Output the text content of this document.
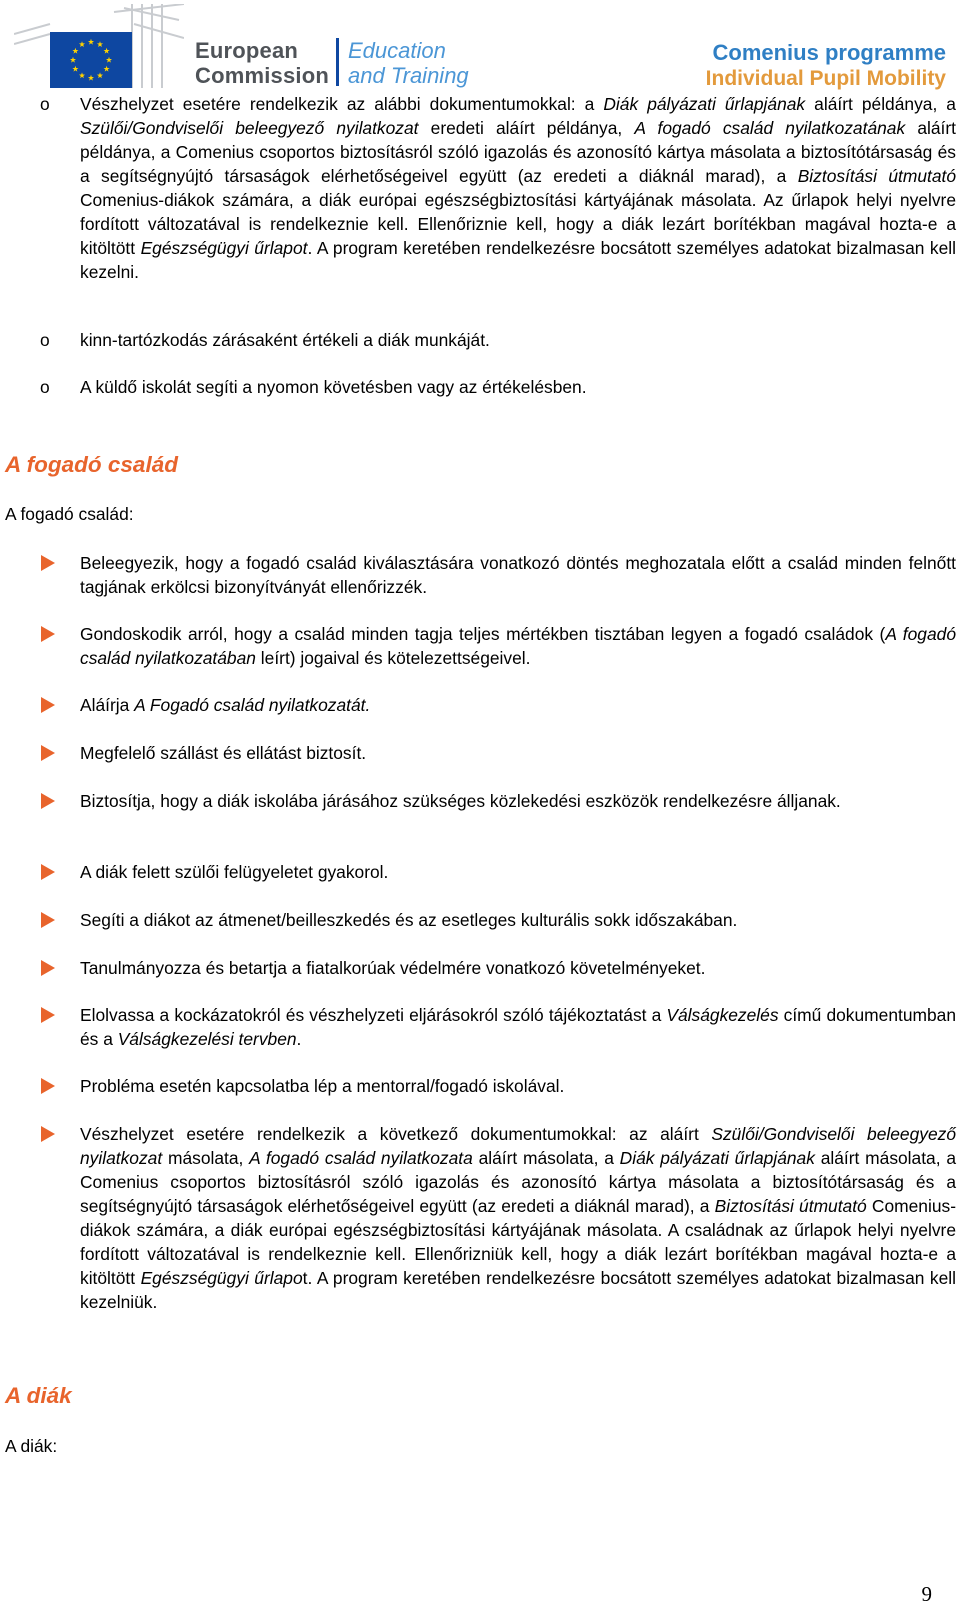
European
Commission
Education
and Training
Comenius programme
Individual Pupil Mobility
o Vészhelyzet esetére rendelkezik az alábbi dokumentumokkal: a Diák pályázati űrlapjának aláírt példánya, a Szülői/Gondviselői beleegyező nyilatkozat eredeti aláírt példánya, A fogadó család nyilatkozatának aláírt példánya, a Comenius csoportos biztosításról szóló igazolás és azonosító kártya másolata a biztosítótársaság és a segítségnyújtó társaságok elérhetőségeivel együtt (az eredeti a diáknál marad), a Biztosítási útmutató Comenius-diákok számára, a diák európai egészségbiztosítási kártyájának másolata. Az űrlapok helyi nyelvre fordított változatával is rendelkeznie kell. Ellenőriznie kell, hogy a diák lezárt borítékban magával hozta-e a kitöltött Egészségügyi űrlapot. A program keretében rendelkezésre bocsátott személyes adatokat bizalmasan kell kezelni.
o kinn-tartózkodás zárásaként értékeli a diák munkáját.
o A küldő iskolát segíti a nyomon követésben vagy az értékelésben.
A fogadó család
A fogadó család:
Beleegyezik, hogy a fogadó család kiválasztására vonatkozó döntés meghozatala előtt a család minden felnőtt tagjának erkölcsi bizonyítványát ellenőrizzék.
Gondoskodik arról, hogy a család minden tagja teljes mértékben tisztában legyen a fogadó családok (A fogadó család nyilatkozatában leírt) jogaival és kötelezettségeivel.
Aláírja A Fogadó család nyilatkozatát.
Megfelelő szállást és ellátást biztosít.
Biztosítja, hogy a diák iskolába járásához szükséges közlekedési eszközök rendelkezésre álljanak.
A diák felett szülői felügyeletet gyakorol.
Segíti a diákot az átmenet/beilleszkedés és az esetleges kulturális sokk időszakában.
Tanulmányozza és betartja a fiatalkorúak védelmére vonatkozó követelményeket.
Elolvassa a kockázatokról és vészhelyzeti eljárásokról szóló tájékoztatást a Válságkezelés című dokumentumban és a Válságkezelési tervben.
Probléma esetén kapcsolatba lép a mentorral/fogadó iskolával.
Vészhelyzet esetére rendelkezik a következő dokumentumokkal: az aláírt Szülői/Gondviselői beleegyező nyilatkozat másolata, A fogadó család nyilatkozata aláírt másolata, a Diák pályázati űrlapjának aláírt másolata, a Comenius csoportos biztosításról szóló igazolás és azonosító kártya másolata a biztosítótársaság és a segítségnyújtó társaságok elérhetőségeivel együtt (az eredeti a diáknál marad), a Biztosítási útmutató Comenius-diákok számára, a diák európai egészségbiztosítási kártyájának másolata. A családnak az űrlapok helyi nyelvre fordított változatával is rendelkeznie kell. Ellenőrizniük kell, hogy a diák lezárt borítékban magával hozta-e a kitöltött Egészségügyi űrlapot. A program keretében rendelkezésre bocsátott személyes adatokat bizalmasan kell kezelniük.
A diák
A diák:
9
